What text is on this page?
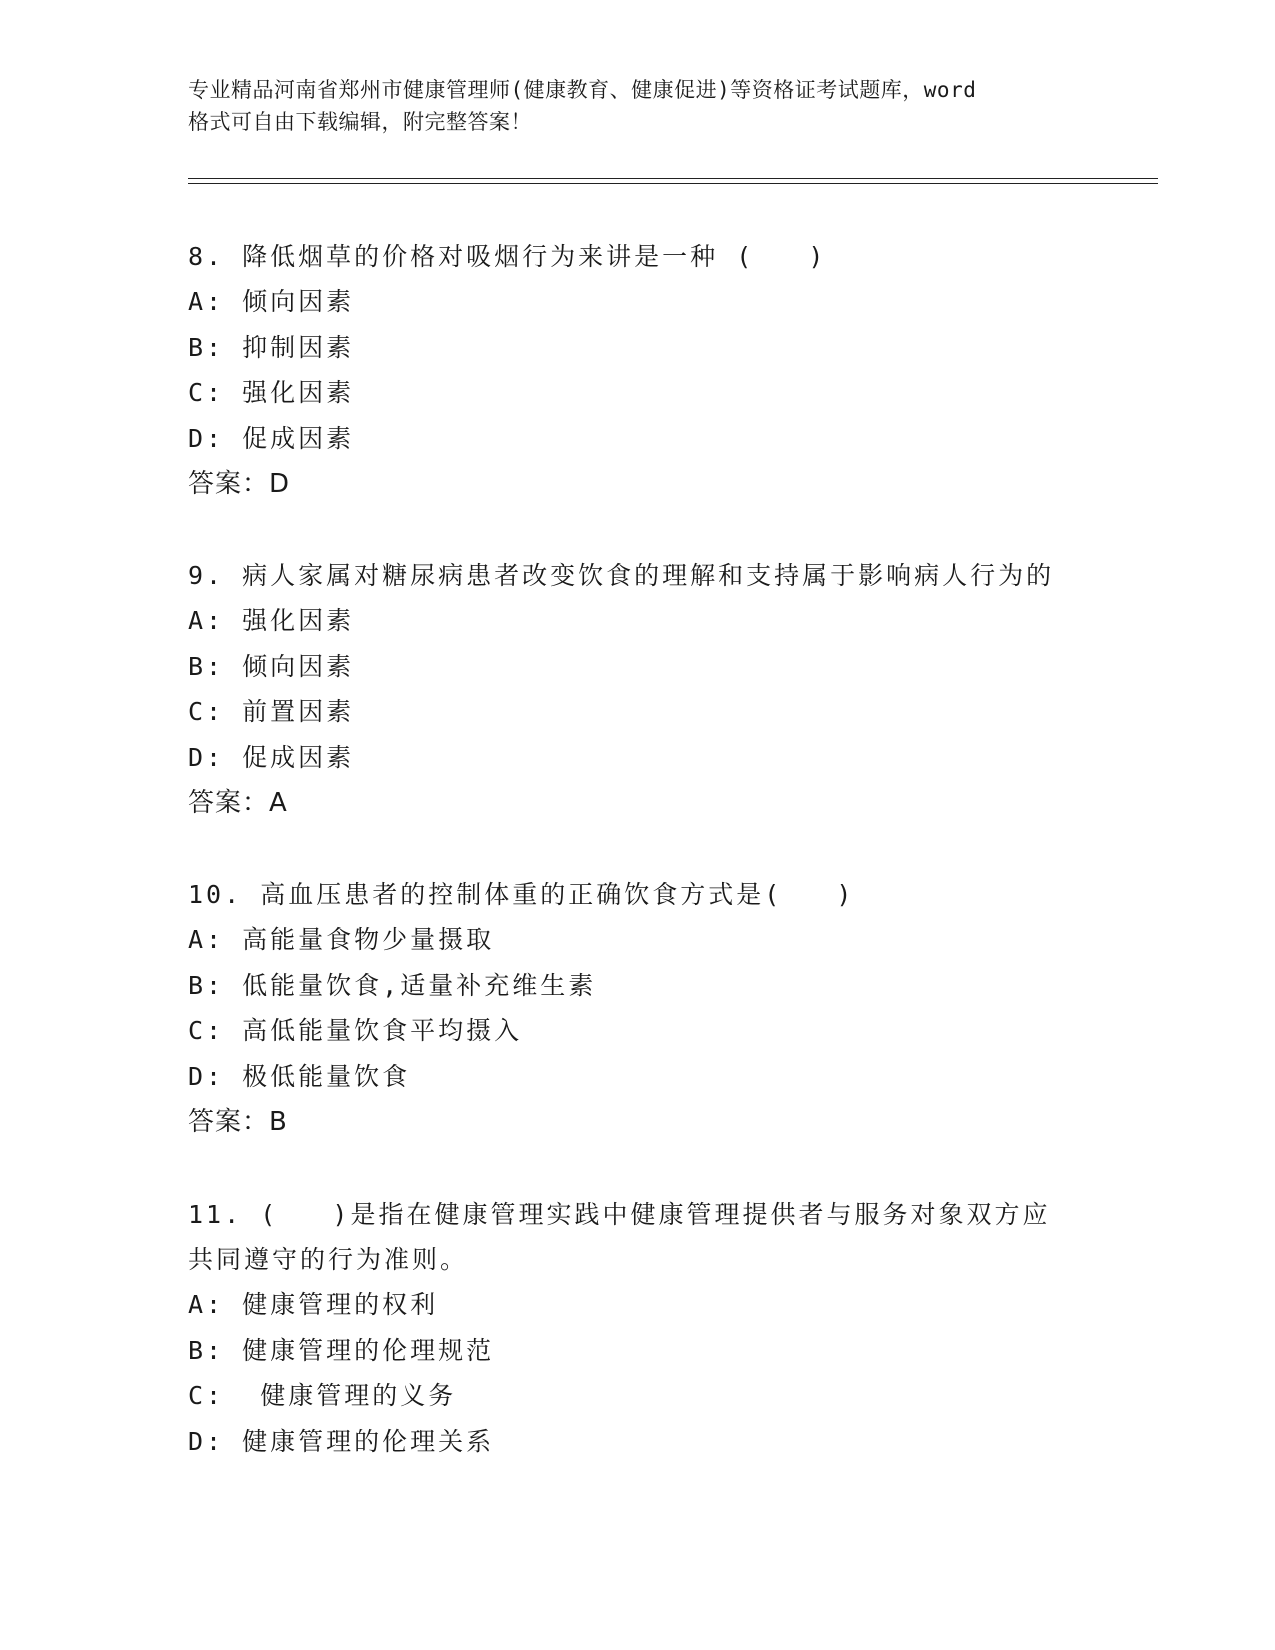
专业精品河南省郑州市健康管理师(健康教育、健康促进)等资格证考试题库，word
格式可自由下载编辑，附完整答案！
8. 降低烟草的价格对吸烟行为来讲是一种 (   )
A: 倾向因素
B: 抑制因素
C: 强化因素
D: 促成因素
答案：D
9. 病人家属对糖尿病患者改变饮食的理解和支持属于影响病人行为的
A: 强化因素
B: 倾向因素
C: 前置因素
D: 促成因素
答案：A
10. 高血压患者的控制体重的正确饮食方式是(   )
A: 高能量食物少量摄取
B: 低能量饮食,适量补充维生素
C: 高低能量饮食平均摄入
D: 极低能量饮食
答案：B
11. (   )是指在健康管理实践中健康管理提供者与服务对象双方应
共同遵守的行为准则。
A: 健康管理的权利
B: 健康管理的伦理规范
C:  健康管理的义务
D: 健康管理的伦理关系
